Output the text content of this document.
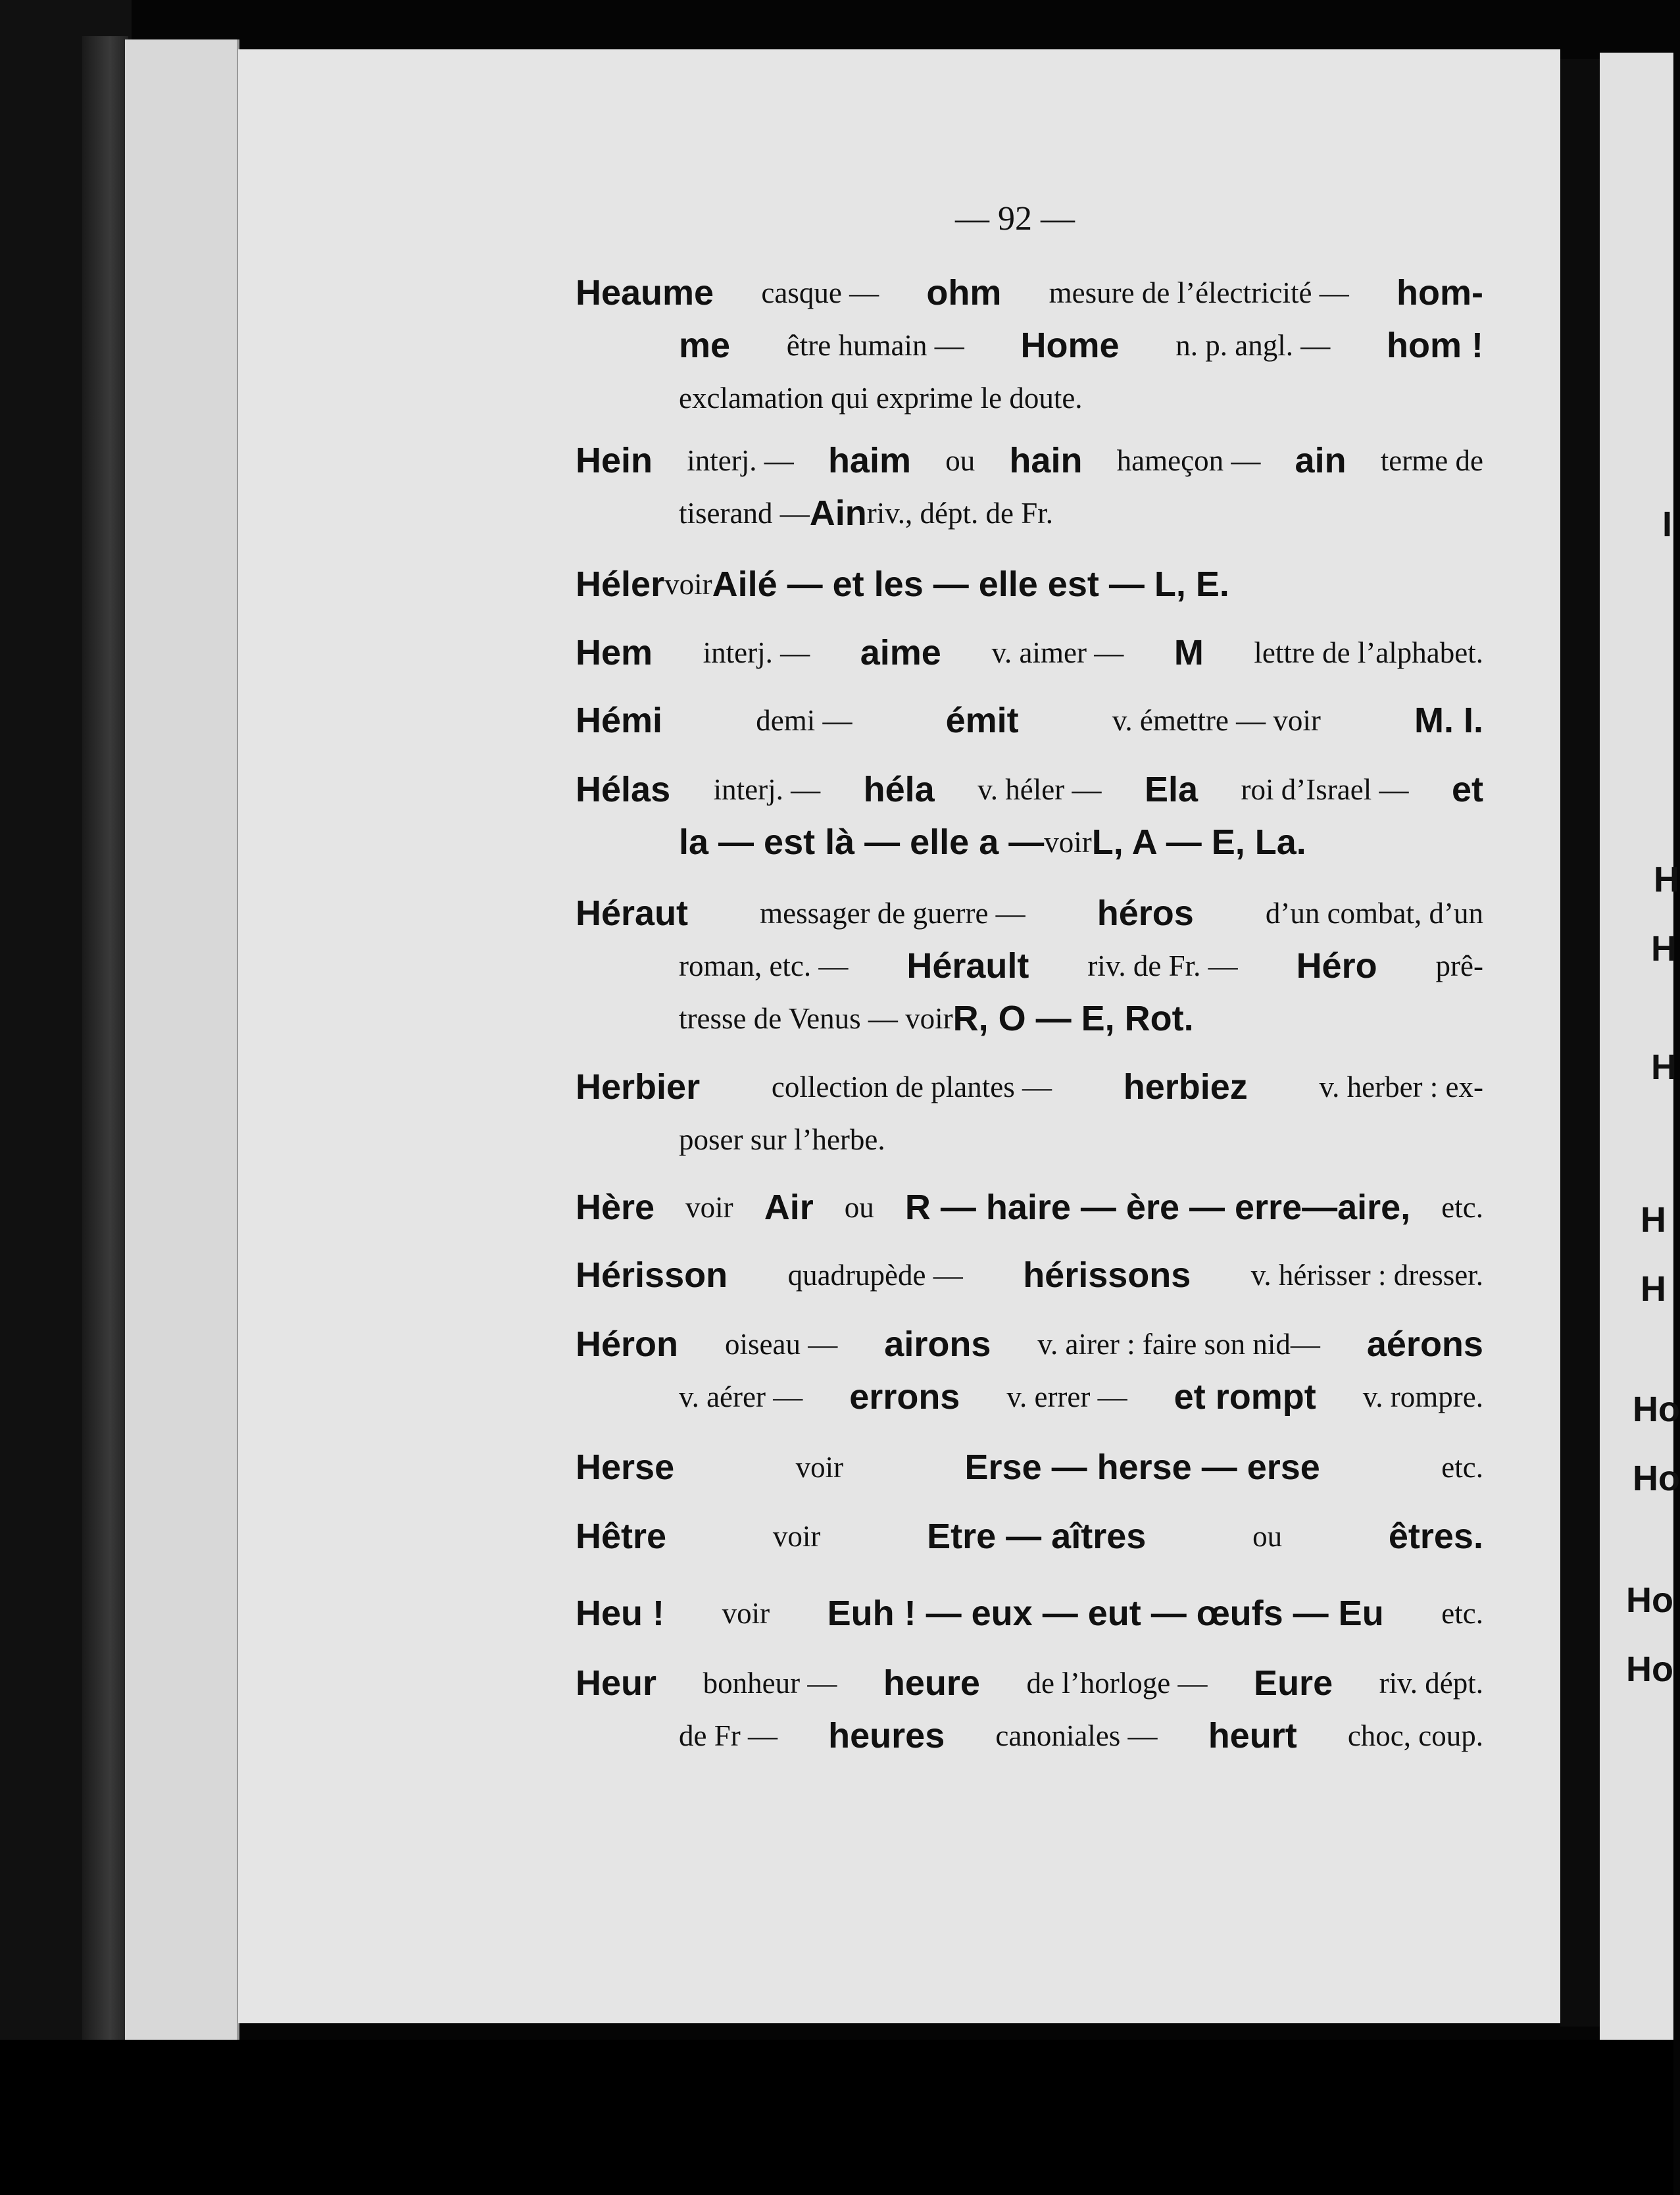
I
H
H
H
H
H
Ho
Ho
Ho
Ho
— 92 —
Heaume casque — ohm mesure de l’électricité — hom-
me être humain — Home n. p. angl. — hom !
exclamation qui exprime le doute.
Hein interj. — haim ou hain hameçon — ain terme de
tiserand — Ain riv., dépt. de Fr.
Héler voir Ailé — et les — elle est — L, E.
Hem interj. — aime v. aimer — M lettre de l’alphabet.
Hémi	demi —	émit	v. émettre — voir	M. I.
Hélas interj. — héla v. héler — Ela roi d’Israel — et
la — est là — elle a — voir L, A — E, La.
Héraut messager de guerre — héros d’un combat, d’un
roman, etc. — Hérault riv. de Fr. — Héro prê-
tresse de Venus — voir R, O — E, Rot.
Herbier collection de plantes — herbiez v. herber : ex-
poser sur l’herbe.
Hère voir Air ou R — haire — ère — erre—aire, etc.
Hérisson quadrupède — hérissons v. hérisser : dresser.
Héron oiseau — airons v. airer : faire son nid— aérons
v. aérer — errons v. errer — et rompt v. rompre.
Herse	voir	Erse — herse — erse	etc.
Hêtre	voir	Etre — aîtres	ou	êtres.
Heu ! voir Euh ! — eux — eut — œufs — Eu etc.
Heur bonheur — heure de l’horloge — Eure riv. dépt.
de Fr — heures canoniales — heurt choc, coup.
